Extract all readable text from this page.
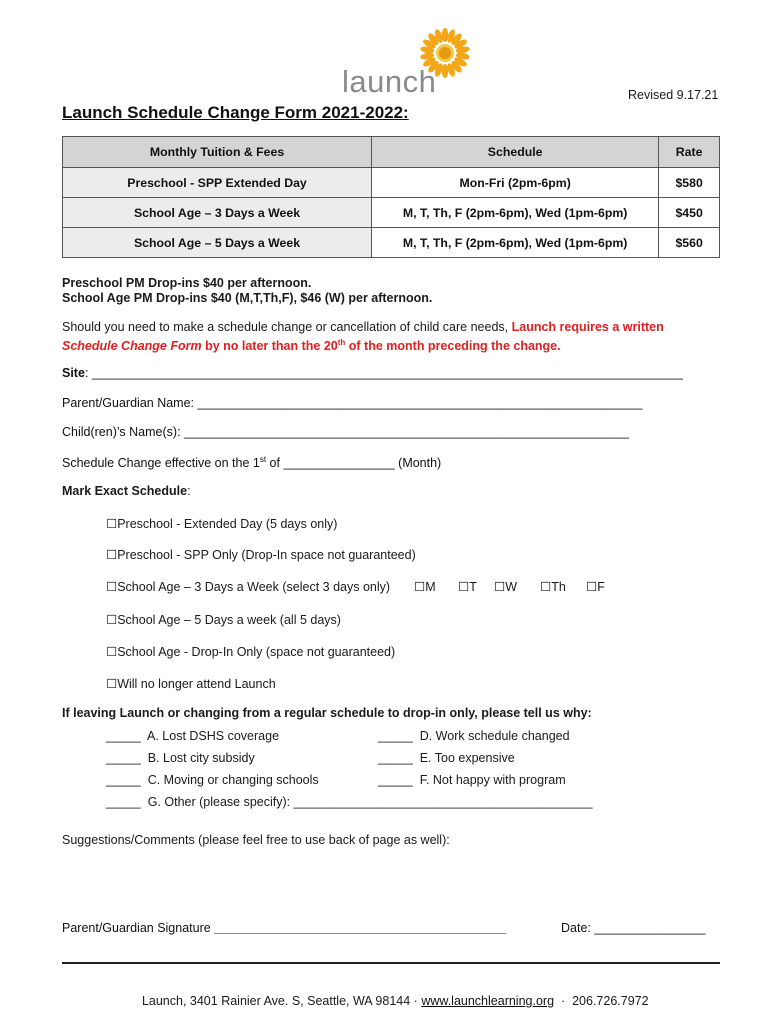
launch	Revised 9.17.21
Launch Schedule Change Form 2021-2022:
Monthly Tuition & Fees	Schedule	Rate
Preschool - SPP Extended Day	Mon-Fri (2pm-6pm)	$580
School Age – 3 Days a Week	M, T, Th, F (2pm-6pm), Wed (1pm-6pm)	$450
School Age – 5 Days a Week	M, T, Th, F (2pm-6pm), Wed (1pm-6pm)	$560
Preschool PM Drop-ins $40 per afternoon.
School Age PM Drop-ins $40 (M,T,Th,F), $46 (W) per afternoon.
Should you need to make a schedule change or cancellation of child care needs, Launch requires a written
Schedule Change Form by no later than the 20th of the month preceding the change.
Site: _____________________________________________________________________________________
Parent/Guardian Name: ________________________________________________________________
Child(ren)’s Name(s): ________________________________________________________________
Schedule Change effective on the 1st of ________________ (Month)
Mark Exact Schedule:
☐Preschool - Extended Day (5 days only)
☐Preschool - SPP Only (Drop-In space not guaranteed)
☐School Age – 3 Days a Week (select 3 days only) ☐M ☐T ☐W ☐Th ☐F
☐School Age – 5 Days a week (all 5 days)
☐School Age - Drop-In Only (space not guaranteed)
☐Will no longer attend Launch
If leaving Launch or changing from a regular schedule to drop-in only, please tell us why:
_____  A. Lost DSHS coverage
_____  B. Lost city subsidy
_____  C. Moving or changing schools
_____  D. Work schedule changed
_____  E. Too expensive
_____  F. Not happy with program
_____  G. Other (please specify): ___________________________________________
Suggestions/Comments (please feel free to use back of page as well):
Parent/Guardian Signature __________________________________________	Date: ________________

Launch, 3401 Rainier Ave. S, Seattle, WA 98144 · www.launchlearning.org  ·  206.726.7972
